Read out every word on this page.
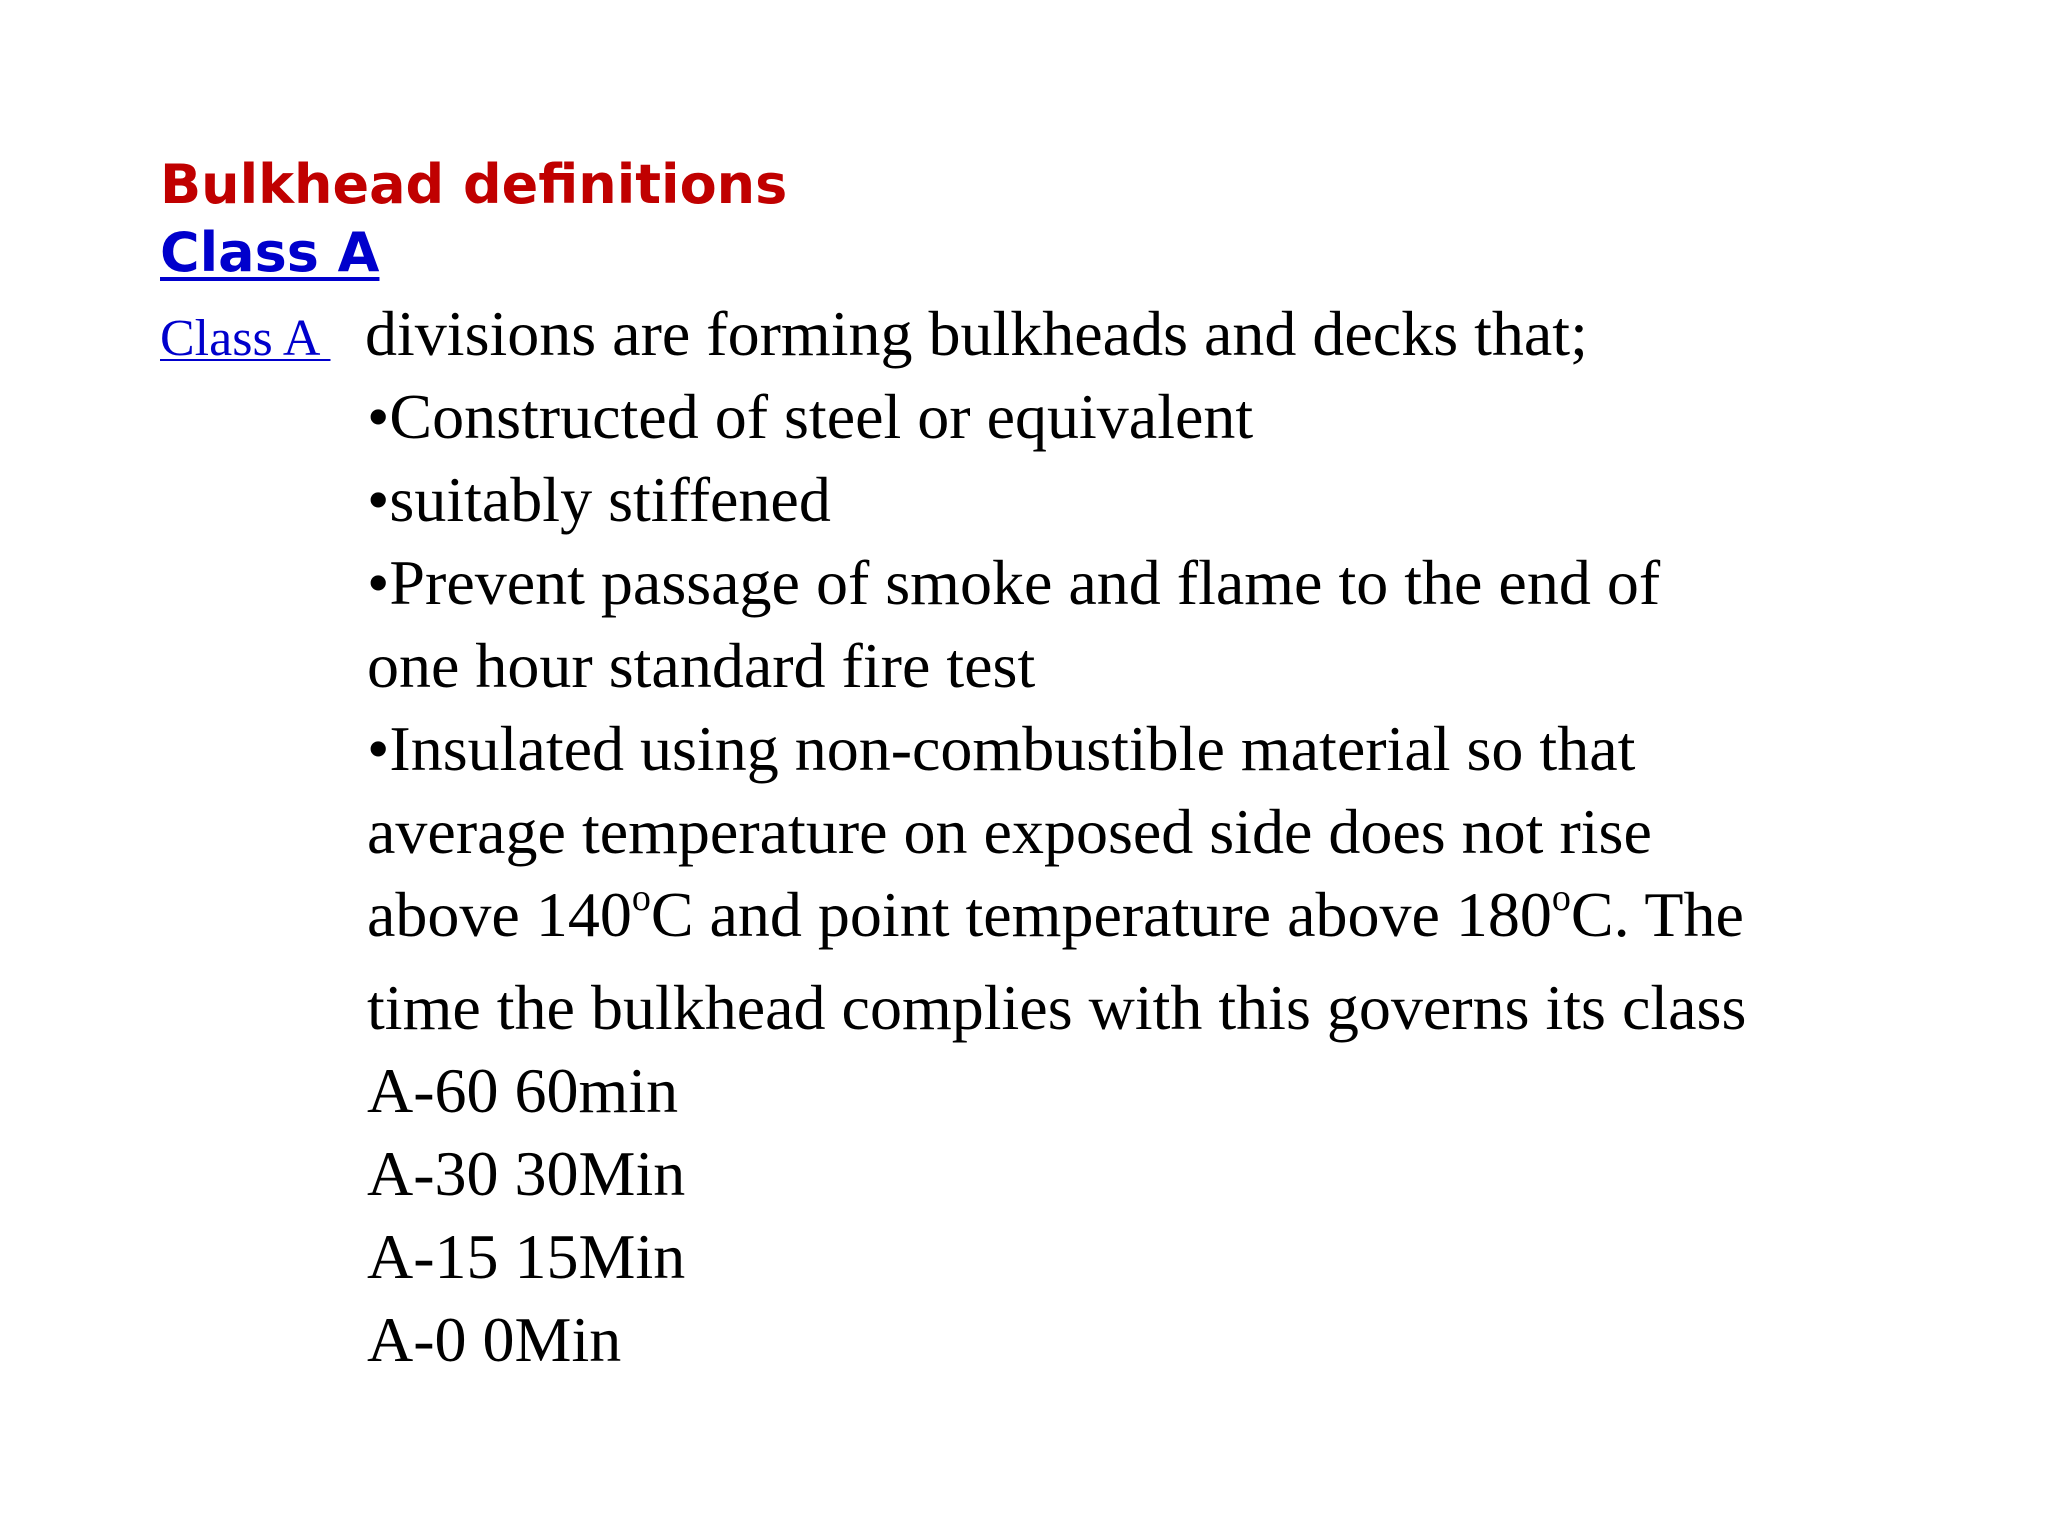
Bulkhead definitions
Class A
Class A divisions are forming bulkheads and decks that;
•Constructed of steel or equivalent
•suitably stiffened
•Prevent passage of smoke and flame to the end of
one hour standard fire test
•Insulated using non-combustible material so that
average temperature on exposed side does not rise
above 140$^o$C and point temperature above 180$^o$C. The
time the bulkhead complies with this governs its class
A-60 60min
A-30 30Min
A-15 15Min
A-0 0Min
